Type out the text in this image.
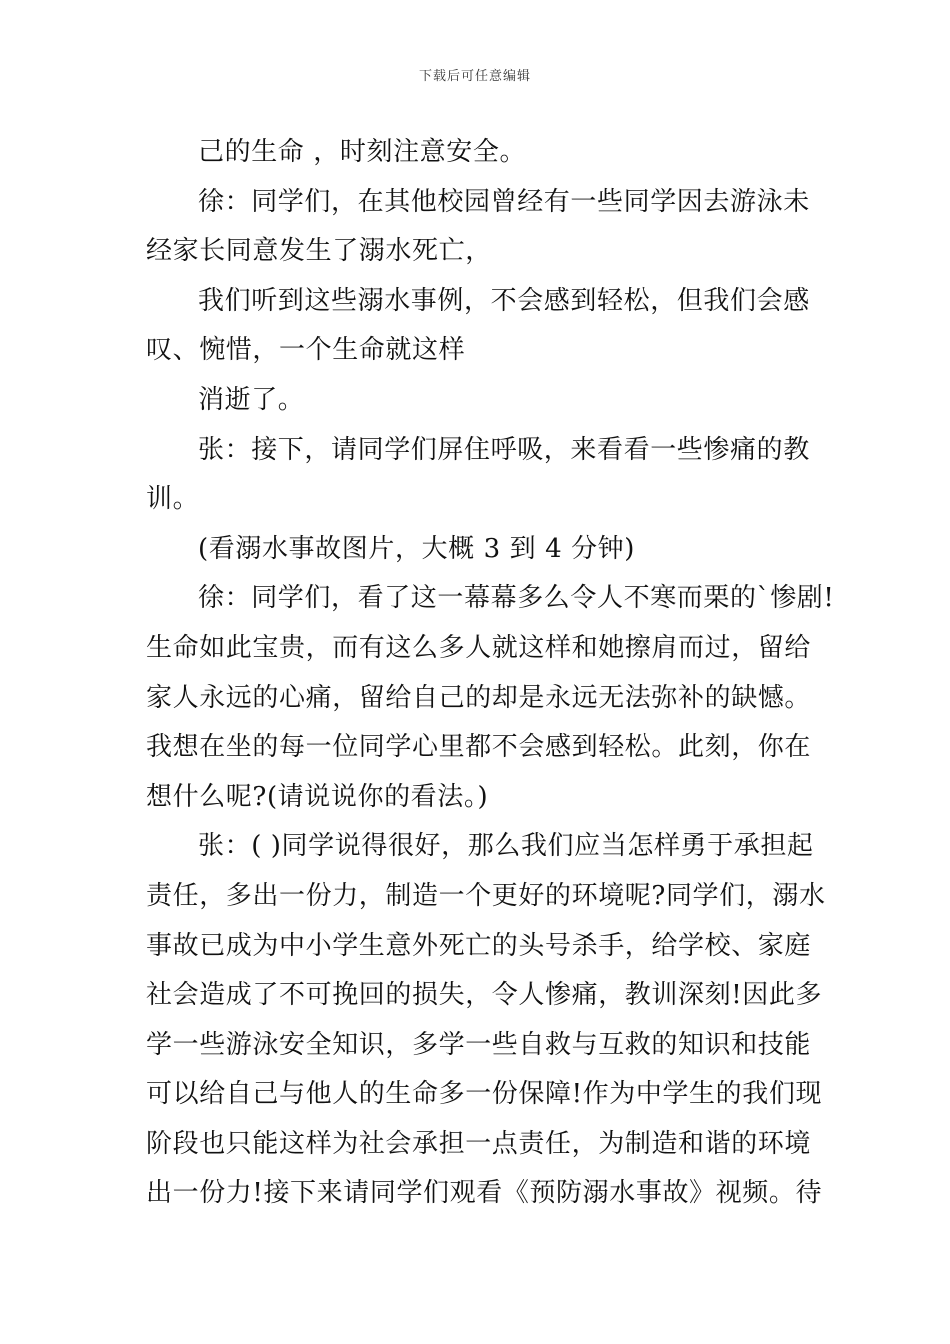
下载后可任意编辑
己的生命 ，时刻注意安全。
徐：同学们，在其他校园曾经有一些同学因去游泳未
经家长同意发生了溺水死亡，
我们听到这些溺水事例，不会感到轻松，但我们会感
叹、惋惜，一个生命就这样
消逝了。
张：接下，请同学们屏住呼吸，来看看一些惨痛的教
训。
(看溺水事故图片，大概 3 到 4 分钟)
徐：同学们，看了这一幕幕多么令人不寒而栗的`惨剧!
生命如此宝贵，而有这么多人就这样和她擦肩而过，留给
家人永远的心痛，留给自己的却是永远无法弥补的缺憾。
我想在坐的每一位同学心里都不会感到轻松。此刻，你在
想什么呢?(请说说你的看法。)
张：( )同学说得很好，那么我们应当怎样勇于承担起
责任，多出一份力，制造一个更好的环境呢?同学们，溺水
事故已成为中小学生意外死亡的头号杀手，给学校、家庭
社会造成了不可挽回的损失，令人惨痛，教训深刻!因此多
学一些游泳安全知识，多学一些自救与互救的知识和技能
可以给自己与他人的生命多一份保障!作为中学生的我们现
阶段也只能这样为社会承担一点责任，为制造和谐的环境
出一份力!接下来请同学们观看《预防溺水事故》视频。待
